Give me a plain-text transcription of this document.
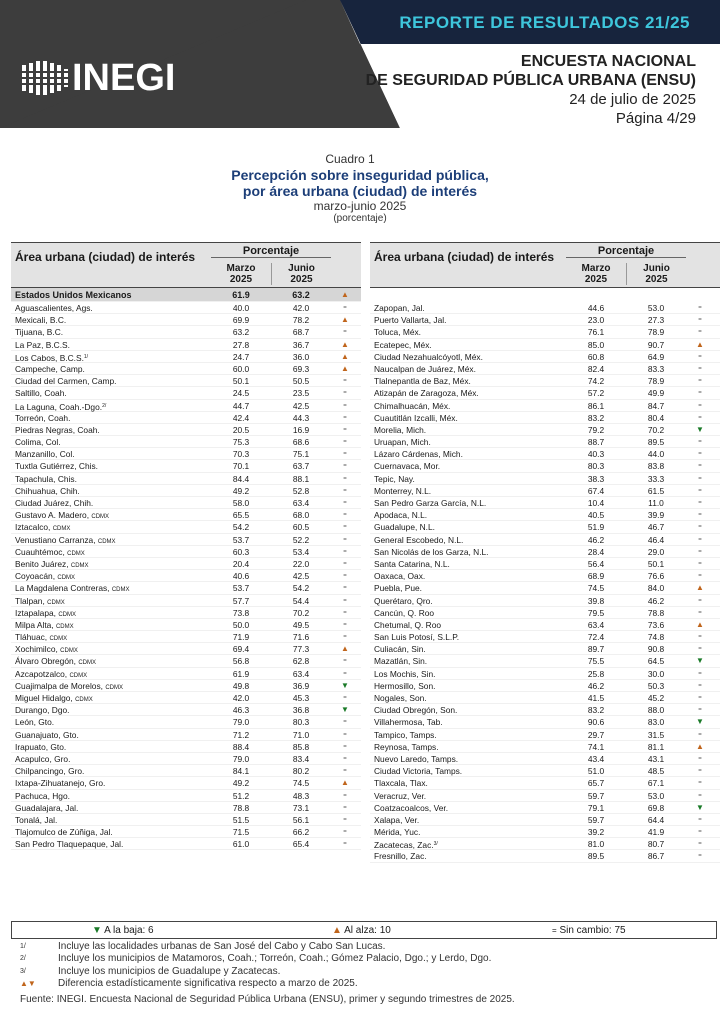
INEGI
REPORTE DE RESULTADOS 21/25
ENCUESTA NACIONAL
DE SEGURIDAD PÚBLICA URBANA (ENSU)
24 de julio de 2025
Página 4/29
Cuadro 1
Percepción sobre inseguridad pública,
por área urbana (ciudad) de interés
marzo-junio 2025
(porcentaje)
Área urbana (ciudad) de interés	Porcentaje
Marzo
2025
Junio
2025
Estados Unidos Mexicanos	61.9	63.2	▲
Aguascalientes, Ags.	40.0	42.0	=
Mexicali, B.C.	69.9	78.2	▲
Tijuana, B.C.	63.2	68.7	=
La Paz, B.C.S.	27.8	36.7	▲
Los Cabos, B.C.S.$^{1/}$	24.7	36.0	▲
Campeche, Camp.	60.0	69.3	▲
Ciudad del Carmen, Camp.	50.1	50.5	=
Saltillo, Coah.	24.5	23.5	=
La Laguna, Coah.-Dgo.$^{2/}$	44.7	42.5	=
Torreón, Coah.	42.4	44.3	=
Piedras Negras, Coah.	20.5	16.9	=
Colima, Col.	75.3	68.6	=
Manzanillo, Col.	70.3	75.1	=
Tuxtla Gutiérrez, Chis.	70.1	63.7	=
Tapachula, Chis.	84.4	88.1	=
Chihuahua, Chih.	49.2	52.8	=
Ciudad Juárez, Chih.	58.0	63.4	=
Gustavo A. Madero, CDMX	65.5	68.0	=
Iztacalco, CDMX	54.2	60.5	=
Venustiano Carranza, CDMX	53.7	52.2	=
Cuauhtémoc, CDMX	60.3	53.4	=
Benito Juárez, CDMX	20.4	22.0	=
Coyoacán, CDMX	40.6	42.5	=
La Magdalena Contreras, CDMX	53.7	54.2	=
Tlalpan, CDMX	57.7	54.4	=
Iztapalapa, CDMX	73.8	70.2	=
Milpa Alta, CDMX	50.0	49.5	=
Tláhuac, CDMX	71.9	71.6	=
Xochimilco, CDMX	69.4	77.3	▲
Álvaro Obregón, CDMX	56.8	62.8	=
Azcapotzalco, CDMX	61.9	63.4	=
Cuajimalpa de Morelos, CDMX	49.8	36.9	▼
Miguel Hidalgo, CDMX	42.0	45.3	=
Durango, Dgo.	46.3	36.8	▼
León, Gto.	79.0	80.3	=
Guanajuato, Gto.	71.2	71.0	=
Irapuato, Gto.	88.4	85.8	=
Acapulco, Gro.	79.0	83.4	=
Chilpancingo, Gro.	84.1	80.2	=
Ixtapa-Zihuatanejo, Gro.	49.2	74.5	▲
Pachuca, Hgo.	51.2	48.3	=
Guadalajara, Jal.	78.8	73.1	=
Tonalá, Jal.	51.5	56.1	=
Tlajomulco de Zúñiga, Jal.	71.5	66.2	=
San Pedro Tlaquepaque, Jal.	61.0	65.4	=
Área urbana (ciudad) de interés	Porcentaje
Marzo
2025
Junio
2025
Zapopan, Jal.	44.6	53.0	=
Puerto Vallarta, Jal.	23.0	27.3	=
Toluca, Méx.	76.1	78.9	=
Ecatepec, Méx.	85.0	90.7	▲
Ciudad Nezahualcóyotl, Méx.	60.8	64.9	=
Naucalpan de Juárez, Méx.	82.4	83.3	=
Tlalnepantla de Baz, Méx.	74.2	78.9	=
Atizapán de Zaragoza, Méx.	57.2	49.9	=
Chimalhuacán, Méx.	86.1	84.7	=
Cuautitlán Izcalli, Méx.	83.2	80.4	=
Morelia, Mich.	79.2	70.2	▼
Uruapan, Mich.	88.7	89.5	=
Lázaro Cárdenas, Mich.	40.3	44.0	=
Cuernavaca, Mor.	80.3	83.8	=
Tepic, Nay.	38.3	33.3	=
Monterrey, N.L.	67.4	61.5	=
San Pedro Garza García, N.L.	10.4	11.0	=
Apodaca, N.L.	40.5	39.9	=
Guadalupe, N.L.	51.9	46.7	=
General Escobedo, N.L.	46.2	46.4	=
San Nicolás de los Garza, N.L.	28.4	29.0	=
Santa Catarina, N.L.	56.4	50.1	=
Oaxaca, Oax.	68.9	76.6	=
Puebla, Pue.	74.5	84.0	▲
Querétaro, Qro.	39.8	46.2	=
Cancún, Q. Roo	79.5	78.8	=
Chetumal, Q. Roo	63.4	73.6	▲
San Luis Potosí, S.L.P.	72.4	74.8	=
Culiacán, Sin.	89.7	90.8	=
Mazatlán, Sin.	75.5	64.5	▼
Los Mochis, Sin.	25.8	30.0	=
Hermosillo, Son.	46.2	50.3	=
Nogales, Son.	41.5	45.2	=
Ciudad Obregón, Son.	83.2	88.0	=
Villahermosa, Tab.	90.6	83.0	▼
Tampico, Tamps.	29.7	31.5	=
Reynosa, Tamps.	74.1	81.1	▲
Nuevo Laredo, Tamps.	43.4	43.1	=
Ciudad Victoria, Tamps.	51.0	48.5	=
Tlaxcala, Tlax.	65.7	67.1	=
Veracruz, Ver.	59.7	53.0	=
Coatzacoalcos, Ver.	79.1	69.8	▼
Xalapa, Ver.	59.7	64.4	=
Mérida, Yuc.	39.2	41.9	=
Zacatecas, Zac.$^{3/}$	81.0	80.7	=
Fresnillo, Zac.	89.5	86.7	=
▼ A la baja: 6	▲ Al alza: 10	= Sin cambio: 75
1/	Incluye las localidades urbanas de San José del Cabo y Cabo San Lucas.
2/	Incluye los municipios de Matamoros, Coah.; Torreón, Coah.; Gómez Palacio, Dgo.; y Lerdo, Dgo.
3/	Incluye los municipios de Guadalupe y Zacatecas.
▲▼ Diferencia estadísticamente significativa respecto a marzo de 2025.
Fuente: INEGI. Encuesta Nacional de Seguridad Pública Urbana (ENSU), primer y segundo trimestres de 2025.
